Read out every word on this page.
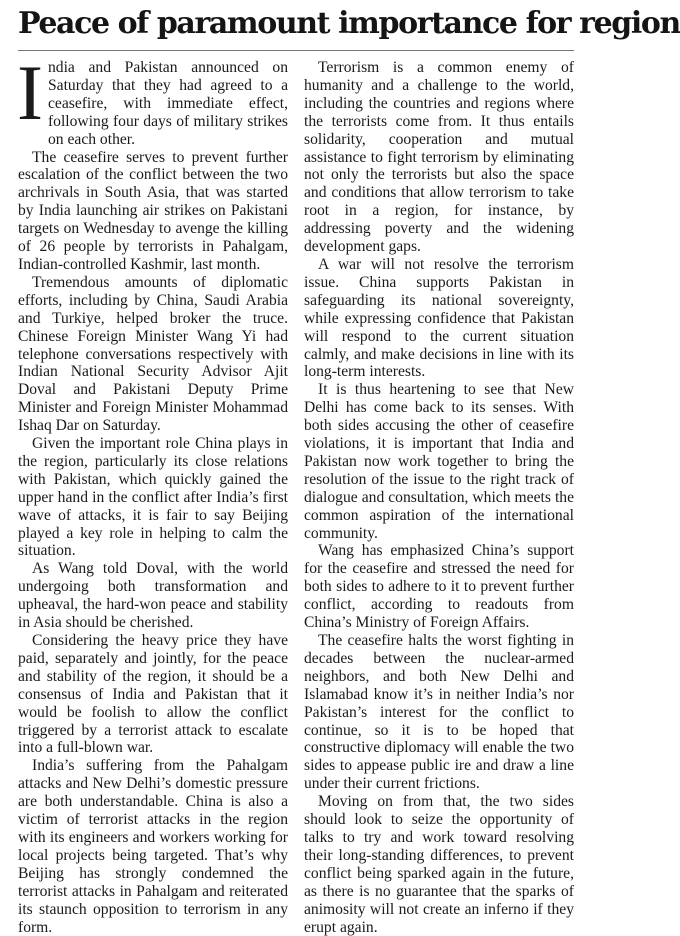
Peace of paramount importance for region

India and Pakistan announced on Saturday that they had agreed to a ceasefire, with immediate effect, following four days of military strikes on each other.

The ceasefire serves to prevent further escalation of the conflict between the two archrivals in South Asia, that was started by India launching air strikes on Pakistani targets on Wednesday to avenge the killing of 26 people by terrorists in Pahalgam, Indian-controlled Kashmir, last month.

Tremendous amounts of diplomatic efforts, including by China, Saudi Arabia and Turkiye, helped broker the truce. Chinese Foreign Minister Wang Yi had telephone conversations respectively with Indian National Security Advisor Ajit Doval and Pakistani Deputy Prime Minister and Foreign Minister Mohammad Ishaq Dar on Saturday.

Given the important role China plays in the region, particularly its close relations with Pakistan, which quickly gained the upper hand in the conflict after India’s first wave of attacks, it is fair to say Beijing played a key role in helping to calm the situation.

As Wang told Doval, with the world undergoing both transformation and upheaval, the hard-won peace and stability in Asia should be cherished.

Considering the heavy price they have paid, separately and jointly, for the peace and stability of the region, it should be a consensus of India and Pakistan that it would be foolish to allow the conflict triggered by a terrorist attack to escalate into a full-blown war.

India’s suffering from the Pahalgam attacks and New Delhi’s domestic pressure are both understandable. China is also a victim of terrorist attacks in the region with its engineers and workers working for local projects being targeted. That’s why Beijing has strongly condemned the terrorist attacks in Pahalgam and reiterated its staunch opposition to terrorism in any form.

Terrorism is a common enemy of humanity and a challenge to the world, including the countries and regions where the terrorists come from. It thus entails solidarity, cooperation and mutual assistance to fight terrorism by eliminating not only the terrorists but also the space and conditions that allow terrorism to take root in a region, for instance, by addressing poverty and the widening development gaps.

A war will not resolve the terrorism issue. China supports Pakistan in safeguarding its national sovereignty, while expressing confidence that Pakistan will respond to the current situation calmly, and make decisions in line with its long-term interests.

It is thus heartening to see that New Delhi has come back to its senses. With both sides accusing the other of ceasefire violations, it is important that India and Pakistan now work together to bring the resolution of the issue to the right track of dialogue and consultation, which meets the common aspiration of the international community.

Wang has emphasized China’s support for the ceasefire and stressed the need for both sides to adhere to it to prevent further conflict, according to readouts from China’s Ministry of Foreign Affairs.

The ceasefire halts the worst fighting in decades between the nuclear-armed neighbors, and both New Delhi and Islamabad know it’s in neither India’s nor Pakistan’s interest for the conflict to continue, so it is to be hoped that constructive diplomacy will enable the two sides to appease public ire and draw a line under their current frictions.

Moving on from that, the two sides should look to seize the opportunity of talks to try and work toward resolving their long-standing differences, to prevent conflict being sparked again in the future, as there is no guarantee that the sparks of animosity will not create an inferno if they erupt again.
